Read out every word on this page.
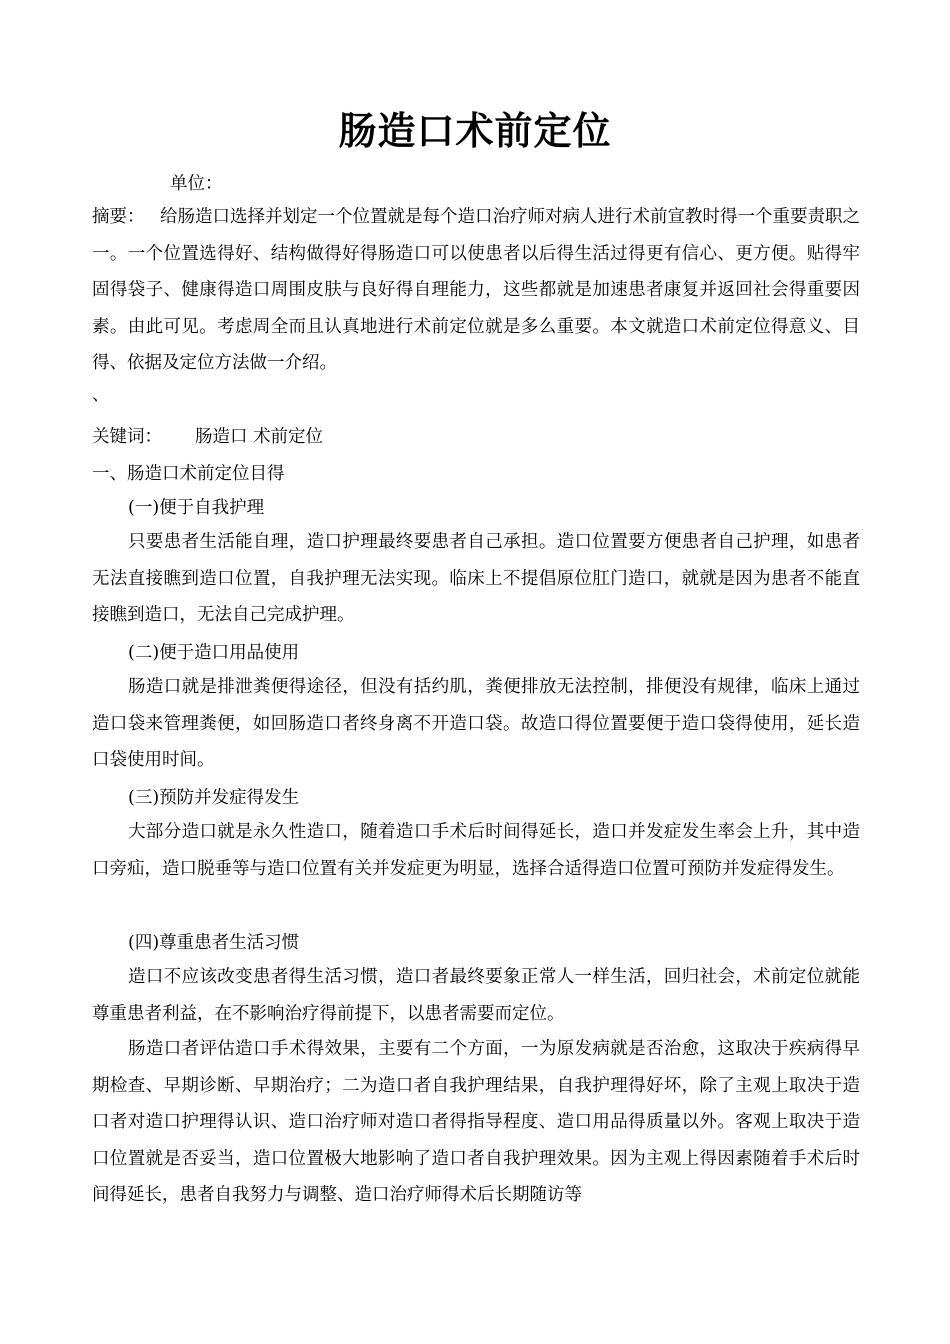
肠造口术前定位

单位：

摘要： 给肠造口选择并划定一个位置就是每个造口治疗师对病人进行术前宣教时得一个重要责职之一。一个位置选得好、结构做得好得肠造口可以使患者以后得生活过得更有信心、更方便。贴得牢固得袋子、健康得造口周围皮肤与良好得自理能力，这些都就是加速患者康复并返回社会得重要因素。由此可见。考虑周全而且认真地进行术前定位就是多么重要。本文就造口术前定位得意义、目得、依据及定位方法做一介绍。

、

关键词： 肠造口 术前定位

一、肠造口术前定位目得

(一)便于自我护理

只要患者生活能自理，造口护理最终要患者自己承担。造口位置要方便患者自己护理，如患者无法直接瞧到造口位置，自我护理无法实现。临床上不提倡原位肛门造口，就就是因为患者不能直接瞧到造口，无法自己完成护理。

(二)便于造口用品使用

肠造口就是排泄粪便得途径，但没有括约肌，粪便排放无法控制，排便没有规律，临床上通过造口袋来管理粪便，如回肠造口者终身离不开造口袋。故造口得位置要便于造口袋得使用，延长造口袋使用时间。

(三)预防并发症得发生

大部分造口就是永久性造口，随着造口手术后时间得延长，造口并发症发生率会上升，其中造口旁疝，造口脱垂等与造口位置有关并发症更为明显，选择合适得造口位置可预防并发症得发生。

(四)尊重患者生活习惯

造口不应该改变患者得生活习惯，造口者最终要象正常人一样生活，回归社会，术前定位就能尊重患者利益，在不影响治疗得前提下，以患者需要而定位。

肠造口者评估造口手术得效果，主要有二个方面，一为原发病就是否治愈，这取决于疾病得早期检查、早期诊断、早期治疗；二为造口者自我护理结果，自我护理得好坏，除了主观上取决于造口者对造口护理得认识、造口治疗师对造口者得指导程度、造口用品得质量以外。客观上取决于造口位置就是否妥当，造口位置极大地影响了造口者自我护理效果。因为主观上得因素随着手术后时间得延长，患者自我努力与调整、造口治疗师得术后长期随访等
